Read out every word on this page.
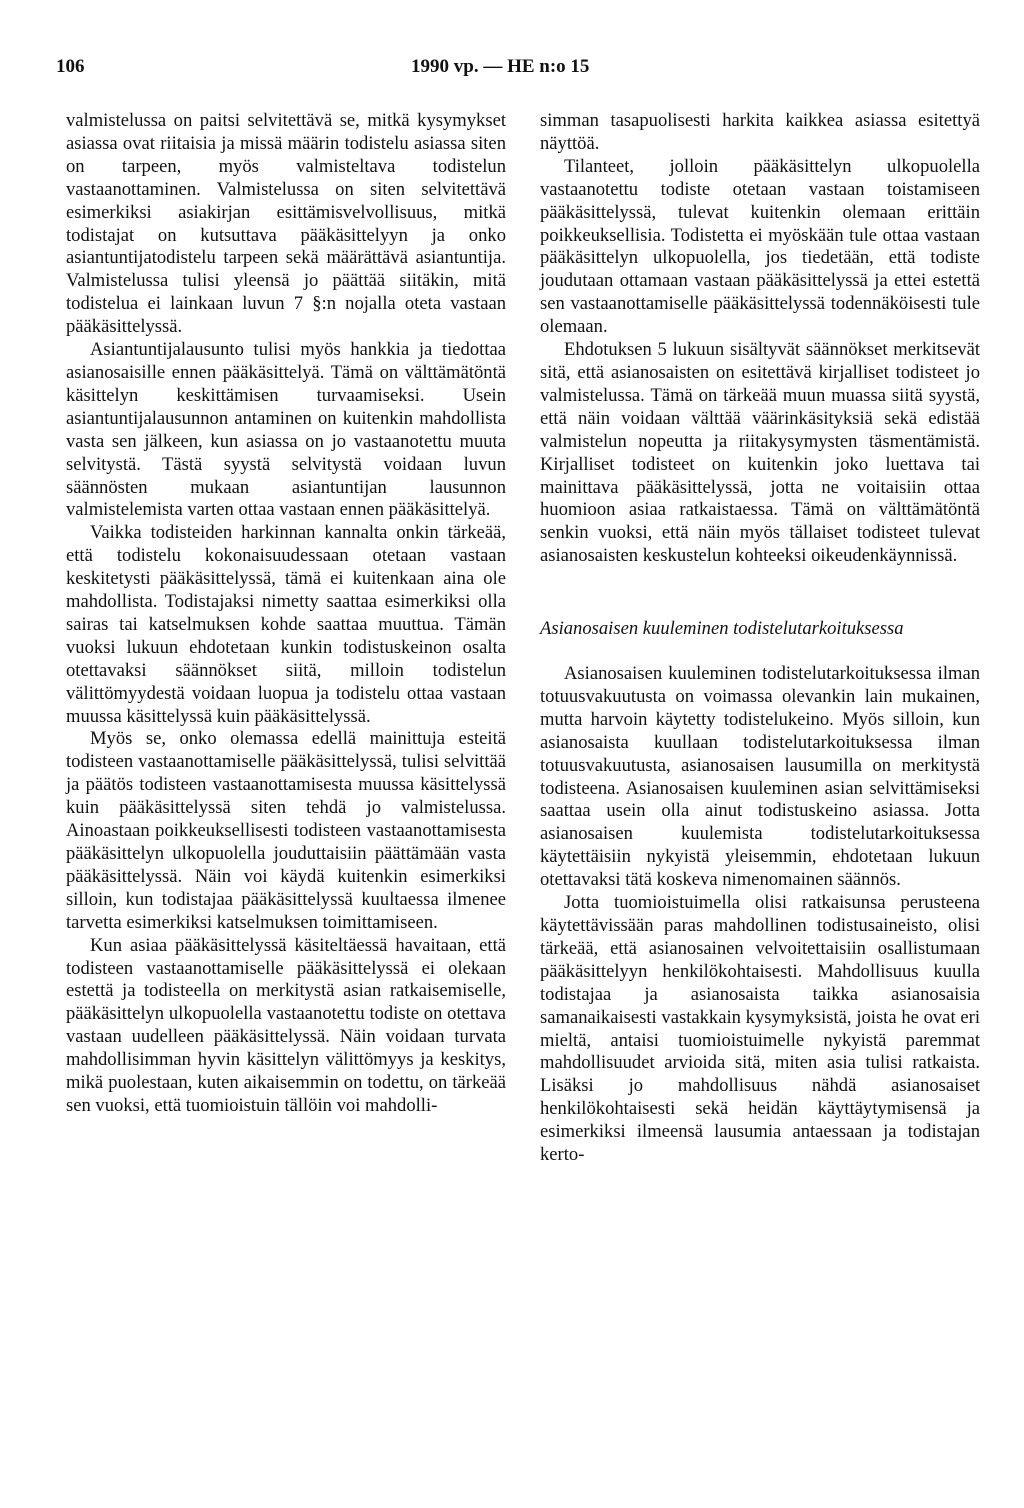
106	1990 vp. — HE n:o 15

valmistelussa on paitsi selvitettävä se, mitkä kysymykset asiassa ovat riitaisia ja missä määrin todistelu asiassa siten on tarpeen, myös valmisteltava todistelun vastaanottaminen. Valmistelussa on siten selvitettävä esimerkiksi asiakirjan esittämisvelvollisuus, mitkä todistajat on kutsuttava pääkäsittelyyn ja onko asiantuntijatodistelu tarpeen sekä määrättävä asiantuntija. Valmistelussa tulisi yleensä jo päättää siitäkin, mitä todistelua ei lainkaan luvun 7 §:n nojalla oteta vastaan pääkäsittelyssä.

Asiantuntijalausunto tulisi myös hankkia ja tiedottaa asianosaisille ennen pääkäsittelyä. Tämä on välttämätöntä käsittelyn keskittämisen turvaamiseksi. Usein asiantuntijalausunnon antaminen on kuitenkin mahdollista vasta sen jälkeen, kun asiassa on jo vastaanotettu muuta selvitystä. Tästä syystä selvitystä voidaan luvun säännösten mukaan asiantuntijan lausunnon valmistelemista varten ottaa vastaan ennen pääkäsittelyä.

Vaikka todisteiden harkinnan kannalta onkin tärkeää, että todistelu kokonaisuudessaan otetaan vastaan keskitetysti pääkäsittelyssä, tämä ei kuitenkaan aina ole mahdollista. Todistajaksi nimetty saattaa esimerkiksi olla sairas tai katselmuksen kohde saattaa muuttua. Tämän vuoksi lukuun ehdotetaan kunkin todistuskeinon osalta otettavaksi säännökset siitä, milloin todistelun välittömyydestä voidaan luopua ja todistelu ottaa vastaan muussa käsittelyssä kuin pääkäsittelyssä.

Myös se, onko olemassa edellä mainittuja esteitä todisteen vastaanottamiselle pääkäsittelyssä, tulisi selvittää ja päätös todisteen vastaanottamisesta muussa käsittelyssä kuin pääkäsittelyssä siten tehdä jo valmistelussa. Ainoastaan poikkeuksellisesti todisteen vastaanottamisesta pääkäsittelyn ulkopuolella jouduttaisiin päättämään vasta pääkäsittelyssä. Näin voi käydä kuitenkin esimerkiksi silloin, kun todistajaa pääkäsittelyssä kuultaessa ilmenee tarvetta esimerkiksi katselmuksen toimittamiseen.

Kun asiaa pääkäsittelyssä käsiteltäessä havaitaan, että todisteen vastaanottamiselle pääkäsittelyssä ei olekaan estettä ja todisteella on merkitystä asian ratkaisemiselle, pääkäsittelyn ulkopuolella vastaanotettu todiste on otettava vastaan uudelleen pääkäsittelyssä. Näin voidaan turvata mahdollisimman hyvin käsittelyn välittömyys ja keskitys, mikä puolestaan, kuten aikaisemmin on todettu, on tärkeää sen vuoksi, että tuomioistuin tällöin voi mahdolli-

simman tasapuolisesti harkita kaikkea asiassa esitettyä näyttöä.

Tilanteet, jolloin pääkäsittelyn ulkopuolella vastaanotettu todiste otetaan vastaan toistamiseen pääkäsittelyssä, tulevat kuitenkin olemaan erittäin poikkeuksellisia. Todistetta ei myöskään tule ottaa vastaan pääkäsittelyn ulkopuolella, jos tiedetään, että todiste joudutaan ottamaan vastaan pääkäsittelyssä ja ettei estettä sen vastaanottamiselle pääkäsittelyssä todennäköisesti tule olemaan.

Ehdotuksen 5 lukuun sisältyvät säännökset merkitsevät sitä, että asianosaisten on esitettävä kirjalliset todisteet jo valmistelussa. Tämä on tärkeää muun muassa siitä syystä, että näin voidaan välttää väärinkäsityksiä sekä edistää valmistelun nopeutta ja riitakysymysten täsmentämistä. Kirjalliset todisteet on kuitenkin joko luettava tai mainittava pääkäsittelyssä, jotta ne voitaisiin ottaa huomioon asiaa ratkaistaessa. Tämä on välttämätöntä senkin vuoksi, että näin myös tällaiset todisteet tulevat asianosaisten keskustelun kohteeksi oikeudenkäynnissä.

Asianosaisen kuuleminen todistelutarkoituksessa

Asianosaisen kuuleminen todistelutarkoituksessa ilman totuusvakuutusta on voimassa olevankin lain mukainen, mutta harvoin käytetty todistelukeino. Myös silloin, kun asianosaista kuullaan todistelutarkoituksessa ilman totuusvakuutusta, asianosaisen lausumilla on merkitystä todisteena. Asianosaisen kuuleminen asian selvittämiseksi saattaa usein olla ainut todistuskeino asiassa. Jotta asianosaisen kuulemista todistelutarkoituksessa käytettäisiin nykyistä yleisemmin, ehdotetaan lukuun otettavaksi tätä koskeva nimenomainen säännös.

Jotta tuomioistuimella olisi ratkaisunsa perusteena käytettävissään paras mahdollinen todistusaineisto, olisi tärkeää, että asianosainen velvoitettaisiin osallistumaan pääkäsittelyyn henkilökohtaisesti. Mahdollisuus kuulla todistajaa ja asianosaista taikka asianosaisia samanaikaisesti vastakkain kysymyksistä, joista he ovat eri mieltä, antaisi tuomioistuimelle nykyistä paremmat mahdollisuudet arvioida sitä, miten asia tulisi ratkaista. Lisäksi jo mahdollisuus nähdä asianosaiset henkilökohtaisesti sekä heidän käyttäytymisensä ja esimerkiksi ilmeensä lausumia antaessaan ja todistajan kerto-
